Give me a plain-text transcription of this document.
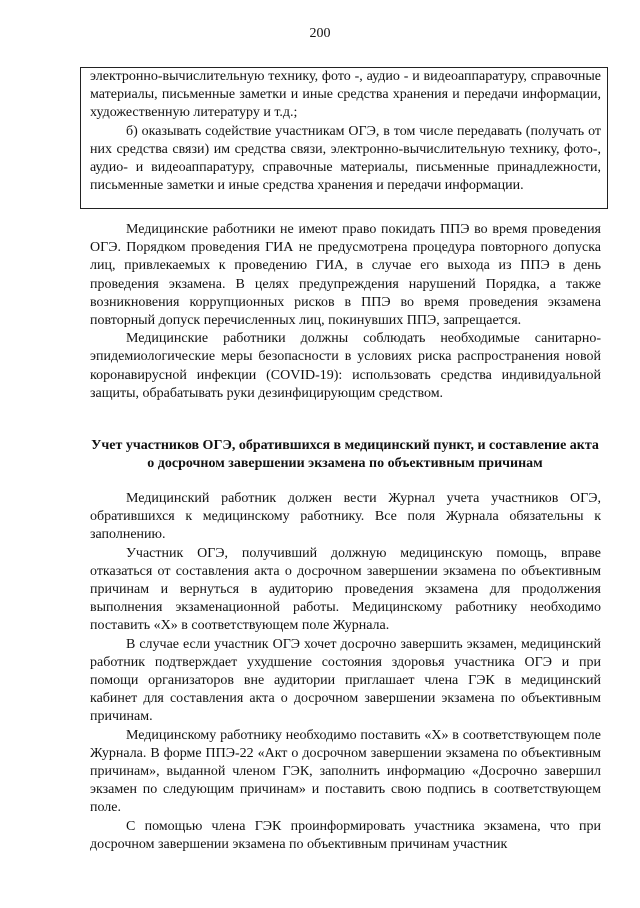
200

электронно-вычислительную технику, фото -, аудио - и видеоаппаратуру, справочные материалы, письменные заметки и иные средства хранения и передачи информации, художественную литературу и т.д.;

б) оказывать содействие участникам ОГЭ, в том числе передавать (получать от них средства связи) им средства связи, электронно-вычислительную технику, фото-, аудио- и видеоаппаратуру, справочные материалы, письменные принадлежности, письменные заметки и иные средства хранения и передачи информации.

Медицинские работники не имеют право покидать ППЭ во время проведения ОГЭ. Порядком проведения ГИА не предусмотрена процедура повторного допуска лиц, привлекаемых к проведению ГИА, в случае его выхода из ППЭ в день проведения экзамена. В целях предупреждения нарушений Порядка, а также возникновения коррупционных рисков в ППЭ во время проведения экзамена повторный допуск перечисленных лиц, покинувших ППЭ, запрещается.

Медицинские работники должны соблюдать необходимые санитарно-эпидемиологические меры безопасности в условиях риска распространения новой коронавирусной инфекции (COVID-19): использовать средства индивидуальной защиты, обрабатывать руки дезинфицирующим средством.

Учет участников ОГЭ, обратившихся в медицинский пункт, и составление акта о досрочном завершении экзамена по объективным причинам

Медицинский работник должен вести Журнал учета участников ОГЭ, обратившихся к медицинскому работнику. Все поля Журнала обязательны к заполнению.

Участник ОГЭ, получивший должную медицинскую помощь, вправе отказаться от составления акта о досрочном завершении экзамена по объективным причинам и вернуться в аудиторию проведения экзамена для продолжения выполнения экзаменационной работы. Медицинскому работнику необходимо поставить «X» в соответствующем поле Журнала.

В случае если участник ОГЭ хочет досрочно завершить экзамен, медицинский работник подтверждает ухудшение состояния здоровья участника ОГЭ и при помощи организаторов вне аудитории приглашает члена ГЭК в медицинский кабинет для составления акта о досрочном завершении экзамена по объективным причинам.

Медицинскому работнику необходимо поставить «X» в соответствующем поле Журнала. В форме ППЭ-22 «Акт о досрочном завершении экзамена по объективным причинам», выданной членом ГЭК, заполнить информацию «Досрочно завершил экзамен по следующим причинам» и поставить свою подпись в соответствующем поле.

С помощью члена ГЭК проинформировать участника экзамена, что при досрочном завершении экзамена по объективным причинам участник
